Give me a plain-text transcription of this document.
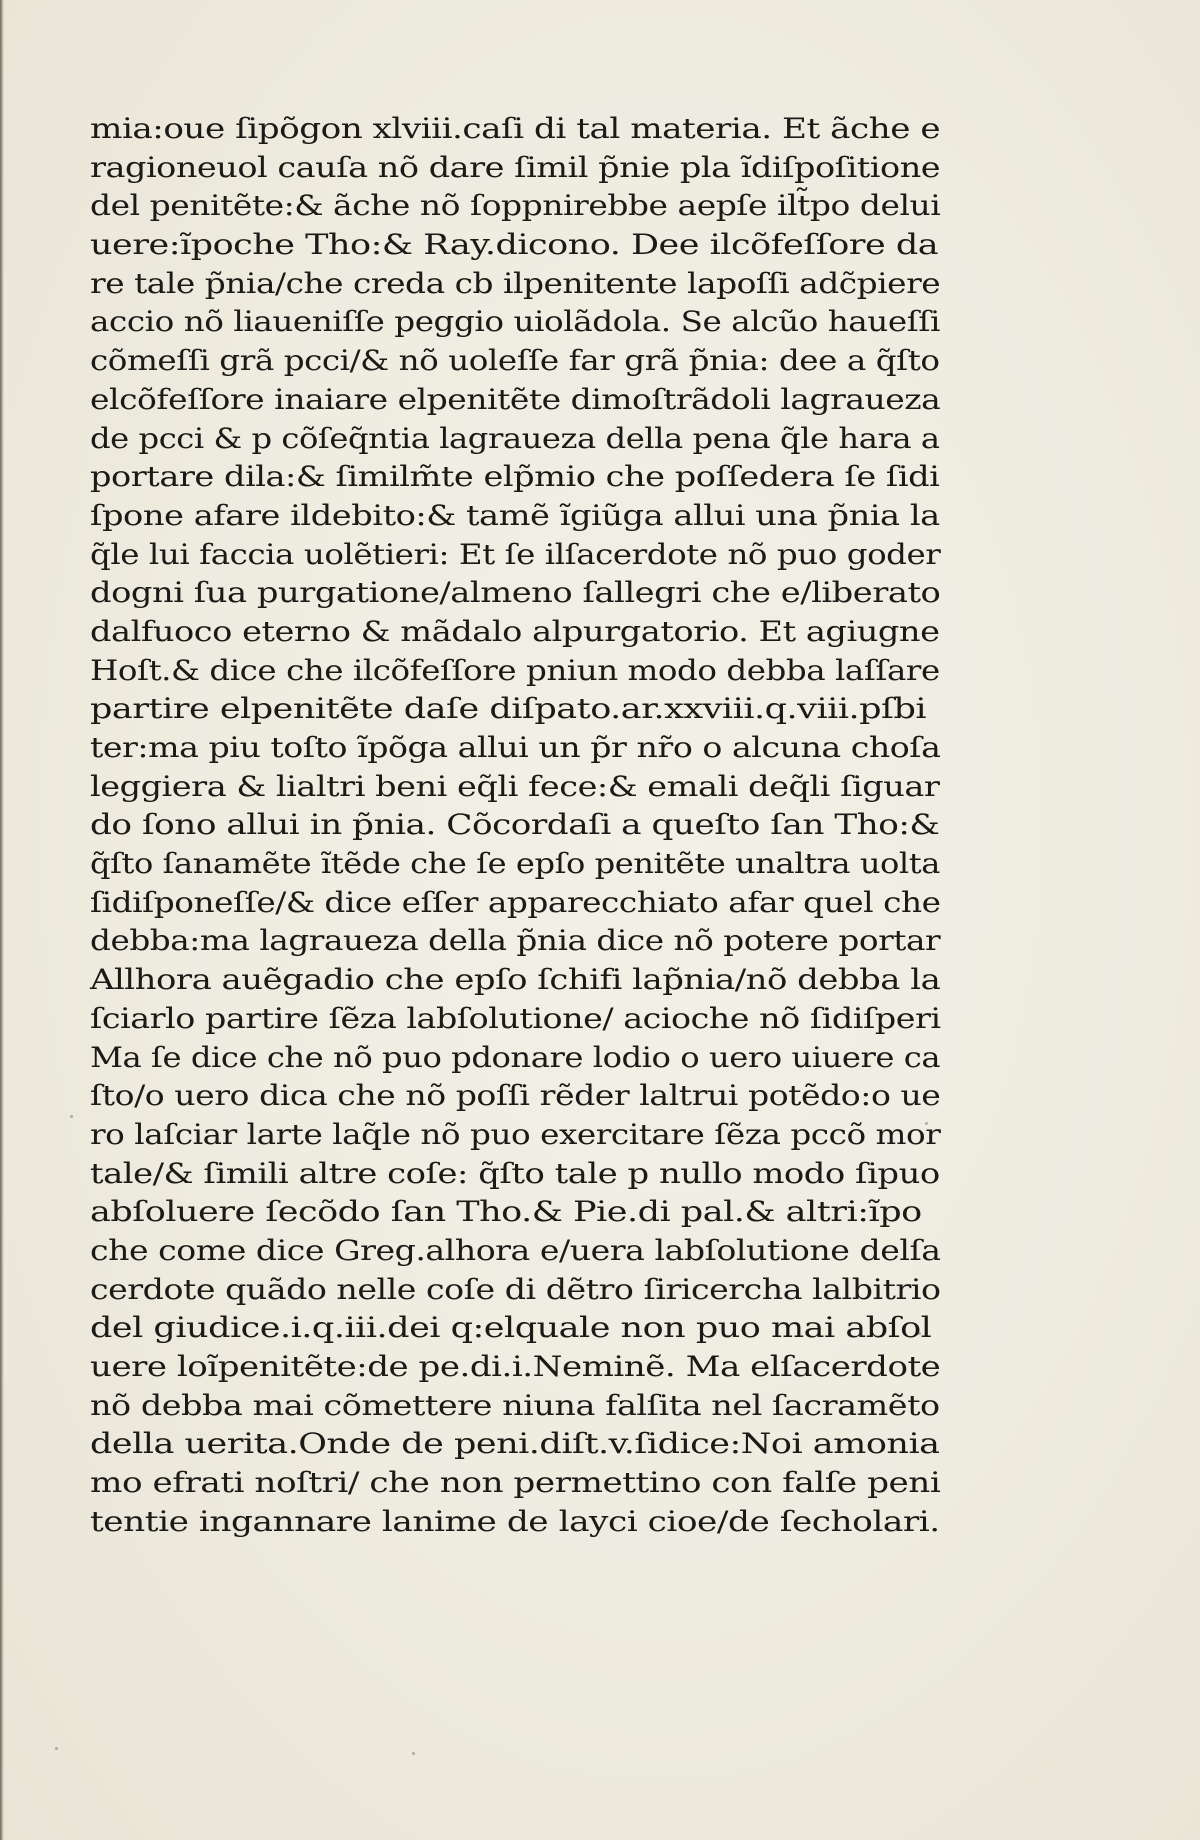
mia:oue ſipõgon xlviii.caſi di tal materia. Et ãche e
ragioneuol cauſa nõ dare ſimil p̃nie pla ĩdiſpoſitione
del penitẽte:& ãche nõ ſoppnirebbe aepſe ilt̃po delui
uere:ĩpoche Tho:& Ray.dicono. Dee ilcõfeſſore da
re tale p̃nia/che creda cb ilpenitente lapoſſi adc̃piere
accio nõ liaueniſſe peggio uiolãdola. Se alcũo haueſſi
cõmeſſi grã pcci/& nõ uoleſſe far grã p̃nia: dee a q̃ſto
elcõfeſſore inaiare elpenitẽte dimoſtrãdoli lagraueza
de pcci & p cõſeq̃ntia lagraueza della pena q̃le hara a
portare dila:& ſimilm̃te elp̃mio che poſſedera ſe ſidi
ſpone afare ildebito:& tamẽ ĩgiũga allui una p̃nia la
q̃le lui faccia uolẽtieri: Et ſe ilſacerdote nõ puo goder
dogni ſua purgatione/almeno ſallegri che e/liberato
dalfuoco eterno & mãdalo alpurgatorio. Et agiugne
Hoſt.& dice che ilcõfeſſore pniun modo debba laſſare
partire elpenitẽte daſe diſpato.ar.xxviii.q.viii.pſbi
ter:ma piu toſto ĩpõga allui un p̃r nr̃o o alcuna choſa
leggiera & lialtri beni eq̃li fece:& emali deq̃li ſiguar
do ſono allui in p̃nia. Cõcordaſi a queſto ſan Tho:&
q̃ſto ſanamẽte ĩtẽde che ſe epſo penitẽte unaltra uolta
ſidiſponeſſe/& dice eſſer apparecchiato afar quel che
debba:ma lagraueza della p̃nia dice nõ potere portar
Allhora auẽgadio che epſo ſchifi lap̃nia/nõ debba la
ſciarlo partire ſẽza labſolutione/ acioche nõ ſidiſperi
Ma ſe dice che nõ puo pdonare lodio o uero uiuere ca
ſto/o uero dica che nõ poſſi rẽder laltrui potẽdo:o ue
ro laſciar larte laq̃le nõ puo exercitare ſẽza pccõ mor
tale/& ſimili altre coſe: q̃ſto tale p nullo modo ſipuo
abſoluere ſecõdo ſan Tho.& Pie.di pal.& altri:ĩpo
che come dice Greg.alhora e/uera labſolutione delſa
cerdote quãdo nelle coſe di dẽtro ſiricercha lalbitrio
del giudice.i.q.iii.dei q:elquale non puo mai abſol
uere loĩpenitẽte:de pe.di.i.Neminẽ. Ma elſacerdote
nõ debba mai cõmettere niuna falſita nel ſacramẽto
della uerita.Onde de peni.diſt.v.ſidice:Noi amonia
mo efrati noſtri/ che non permettino con falſe peni
tentie ingannare lanime de layci cioe/de ſecholari.
